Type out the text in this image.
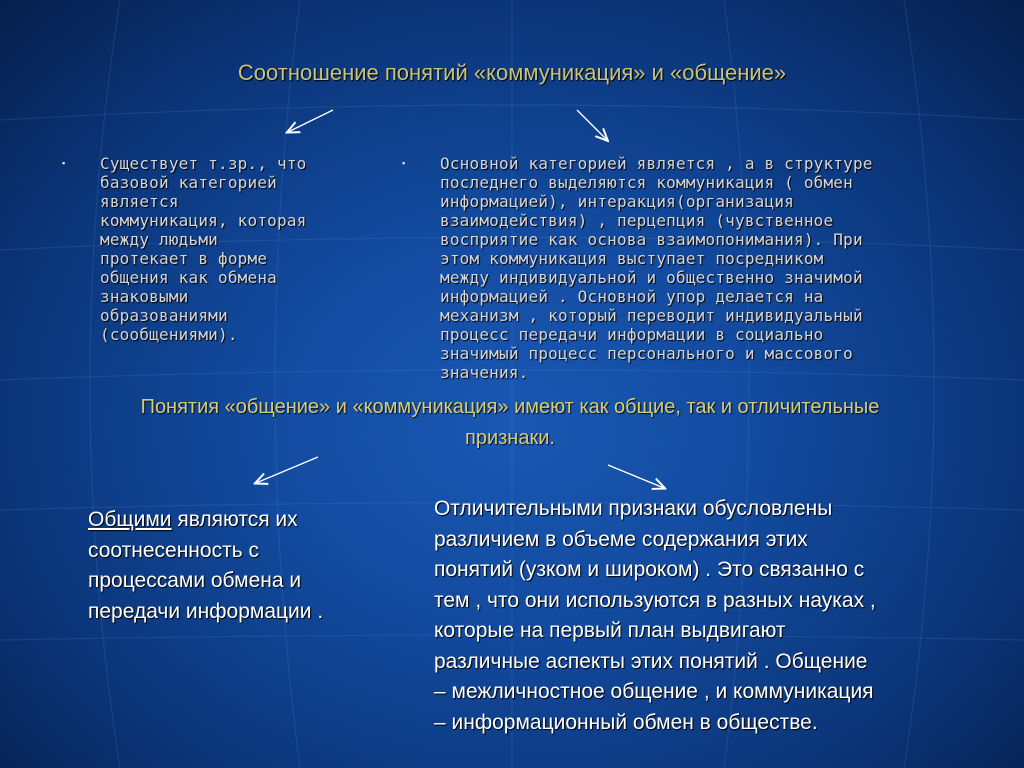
Соотношение понятий «коммуникация» и «общение»
▪	Существует т.зр., что
базовой категорией
является
коммуникация, которая
между людьми
протекает в форме
общения как обмена
знаковыми
образованиями
(сообщениями).
▪	Основной категорией является , а в структуре
последнего выделяются коммуникация ( обмен
информацией), интеракция(организация
взаимодействия) , перцепция (чувственное
восприятие как основа взаимопонимания). При
этом коммуникация выступает посредником
между индивидуальной и общественно значимой
информацией . Основной упор делается на
механизм , который переводит индивидуальный
процесс передачи информации в социально
значимый процесс персонального и массового
значения.
Понятия «общение» и «коммуникация» имеют как общие, так и отличительные признаки.
Общими являются их
соотнесенность с
процессами обмена и
передачи информации .
Отличительными признаки обусловлены
различием в объеме содержания этих
понятий (узком и широком) . Это связанно с
тем , что они используются в разных науках ,
которые на первый план выдвигают
различные аспекты этих понятий . Общение
– межличностное общение , и коммуникация
– информационный обмен в обществе.
